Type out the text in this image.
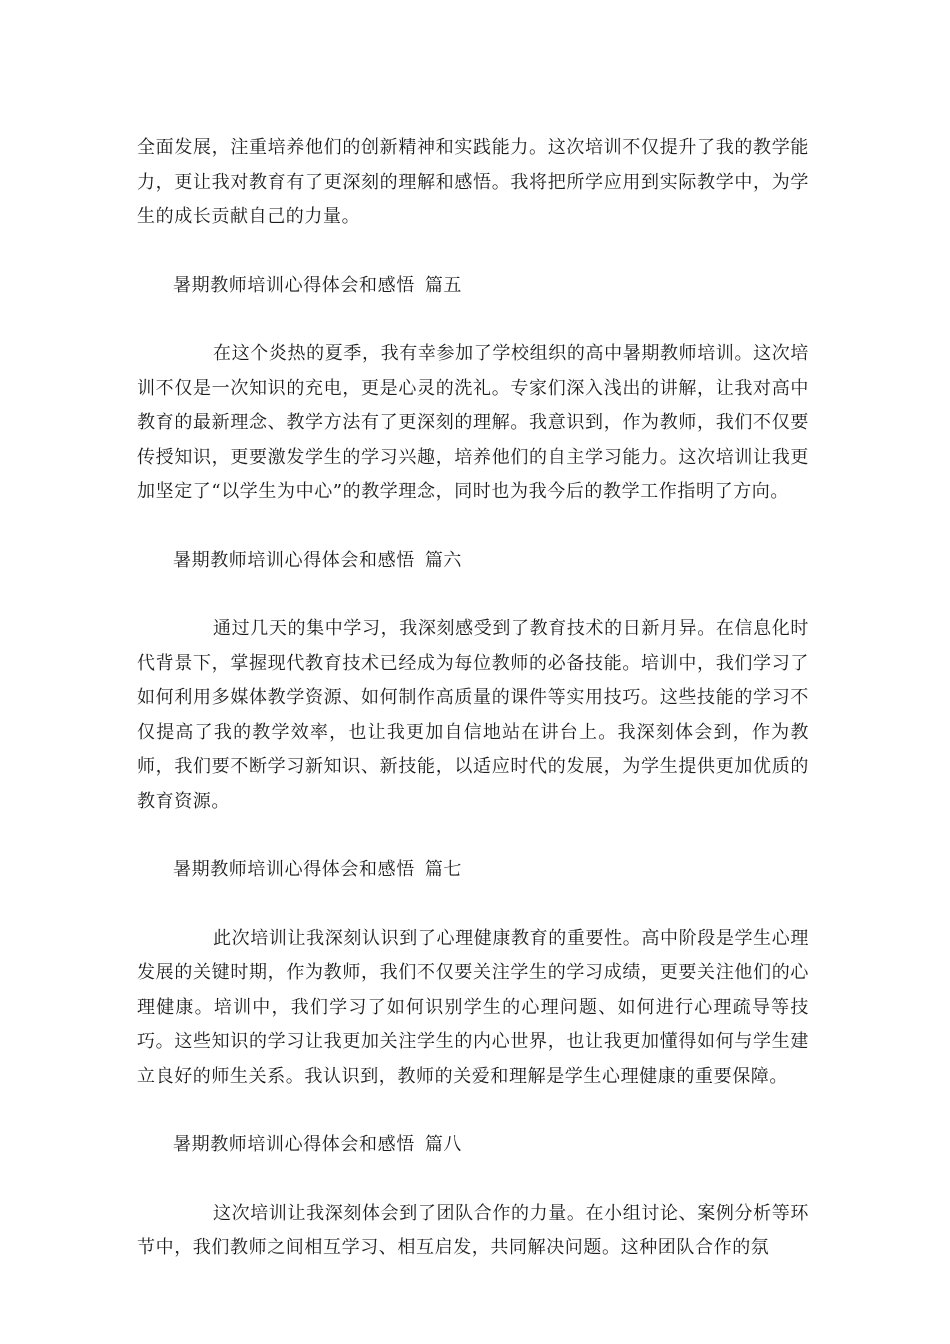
全面发展，注重培养他们的创新精神和实践能力。这次培训不仅提升了我的教学能力，更让我对教育有了更深刻的理解和感悟。我将把所学应用到实际教学中，为学生的成长贡献自己的力量。

暑期教师培训心得体会和感悟 篇五

在这个炎热的夏季，我有幸参加了学校组织的高中暑期教师培训。这次培训不仅是一次知识的充电，更是心灵的洗礼。专家们深入浅出的讲解，让我对高中教育的最新理念、教学方法有了更深刻的理解。我意识到，作为教师，我们不仅要传授知识，更要激发学生的学习兴趣，培养他们的自主学习能力。这次培训让我更加坚定了“以学生为中心”的教学理念，同时也为我今后的教学工作指明了方向。

暑期教师培训心得体会和感悟 篇六

通过几天的集中学习，我深刻感受到了教育技术的日新月异。在信息化时代背景下，掌握现代教育技术已经成为每位教师的必备技能。培训中，我们学习了如何利用多媒体教学资源、如何制作高质量的课件等实用技巧。这些技能的学习不仅提高了我的教学效率，也让我更加自信地站在讲台上。我深刻体会到，作为教师，我们要不断学习新知识、新技能，以适应时代的发展，为学生提供更加优质的教育资源。

暑期教师培训心得体会和感悟 篇七

此次培训让我深刻认识到了心理健康教育的重要性。高中阶段是学生心理发展的关键时期，作为教师，我们不仅要关注学生的学习成绩，更要关注他们的心理健康。培训中，我们学习了如何识别学生的心理问题、如何进行心理疏导等技巧。这些知识的学习让我更加关注学生的内心世界，也让我更加懂得如何与学生建立良好的师生关系。我认识到，教师的关爱和理解是学生心理健康的重要保障。

暑期教师培训心得体会和感悟 篇八

这次培训让我深刻体会到了团队合作的力量。在小组讨论、案例分析等环节中，我们教师之间相互学习、相互启发，共同解决问题。这种团队合作的氛
